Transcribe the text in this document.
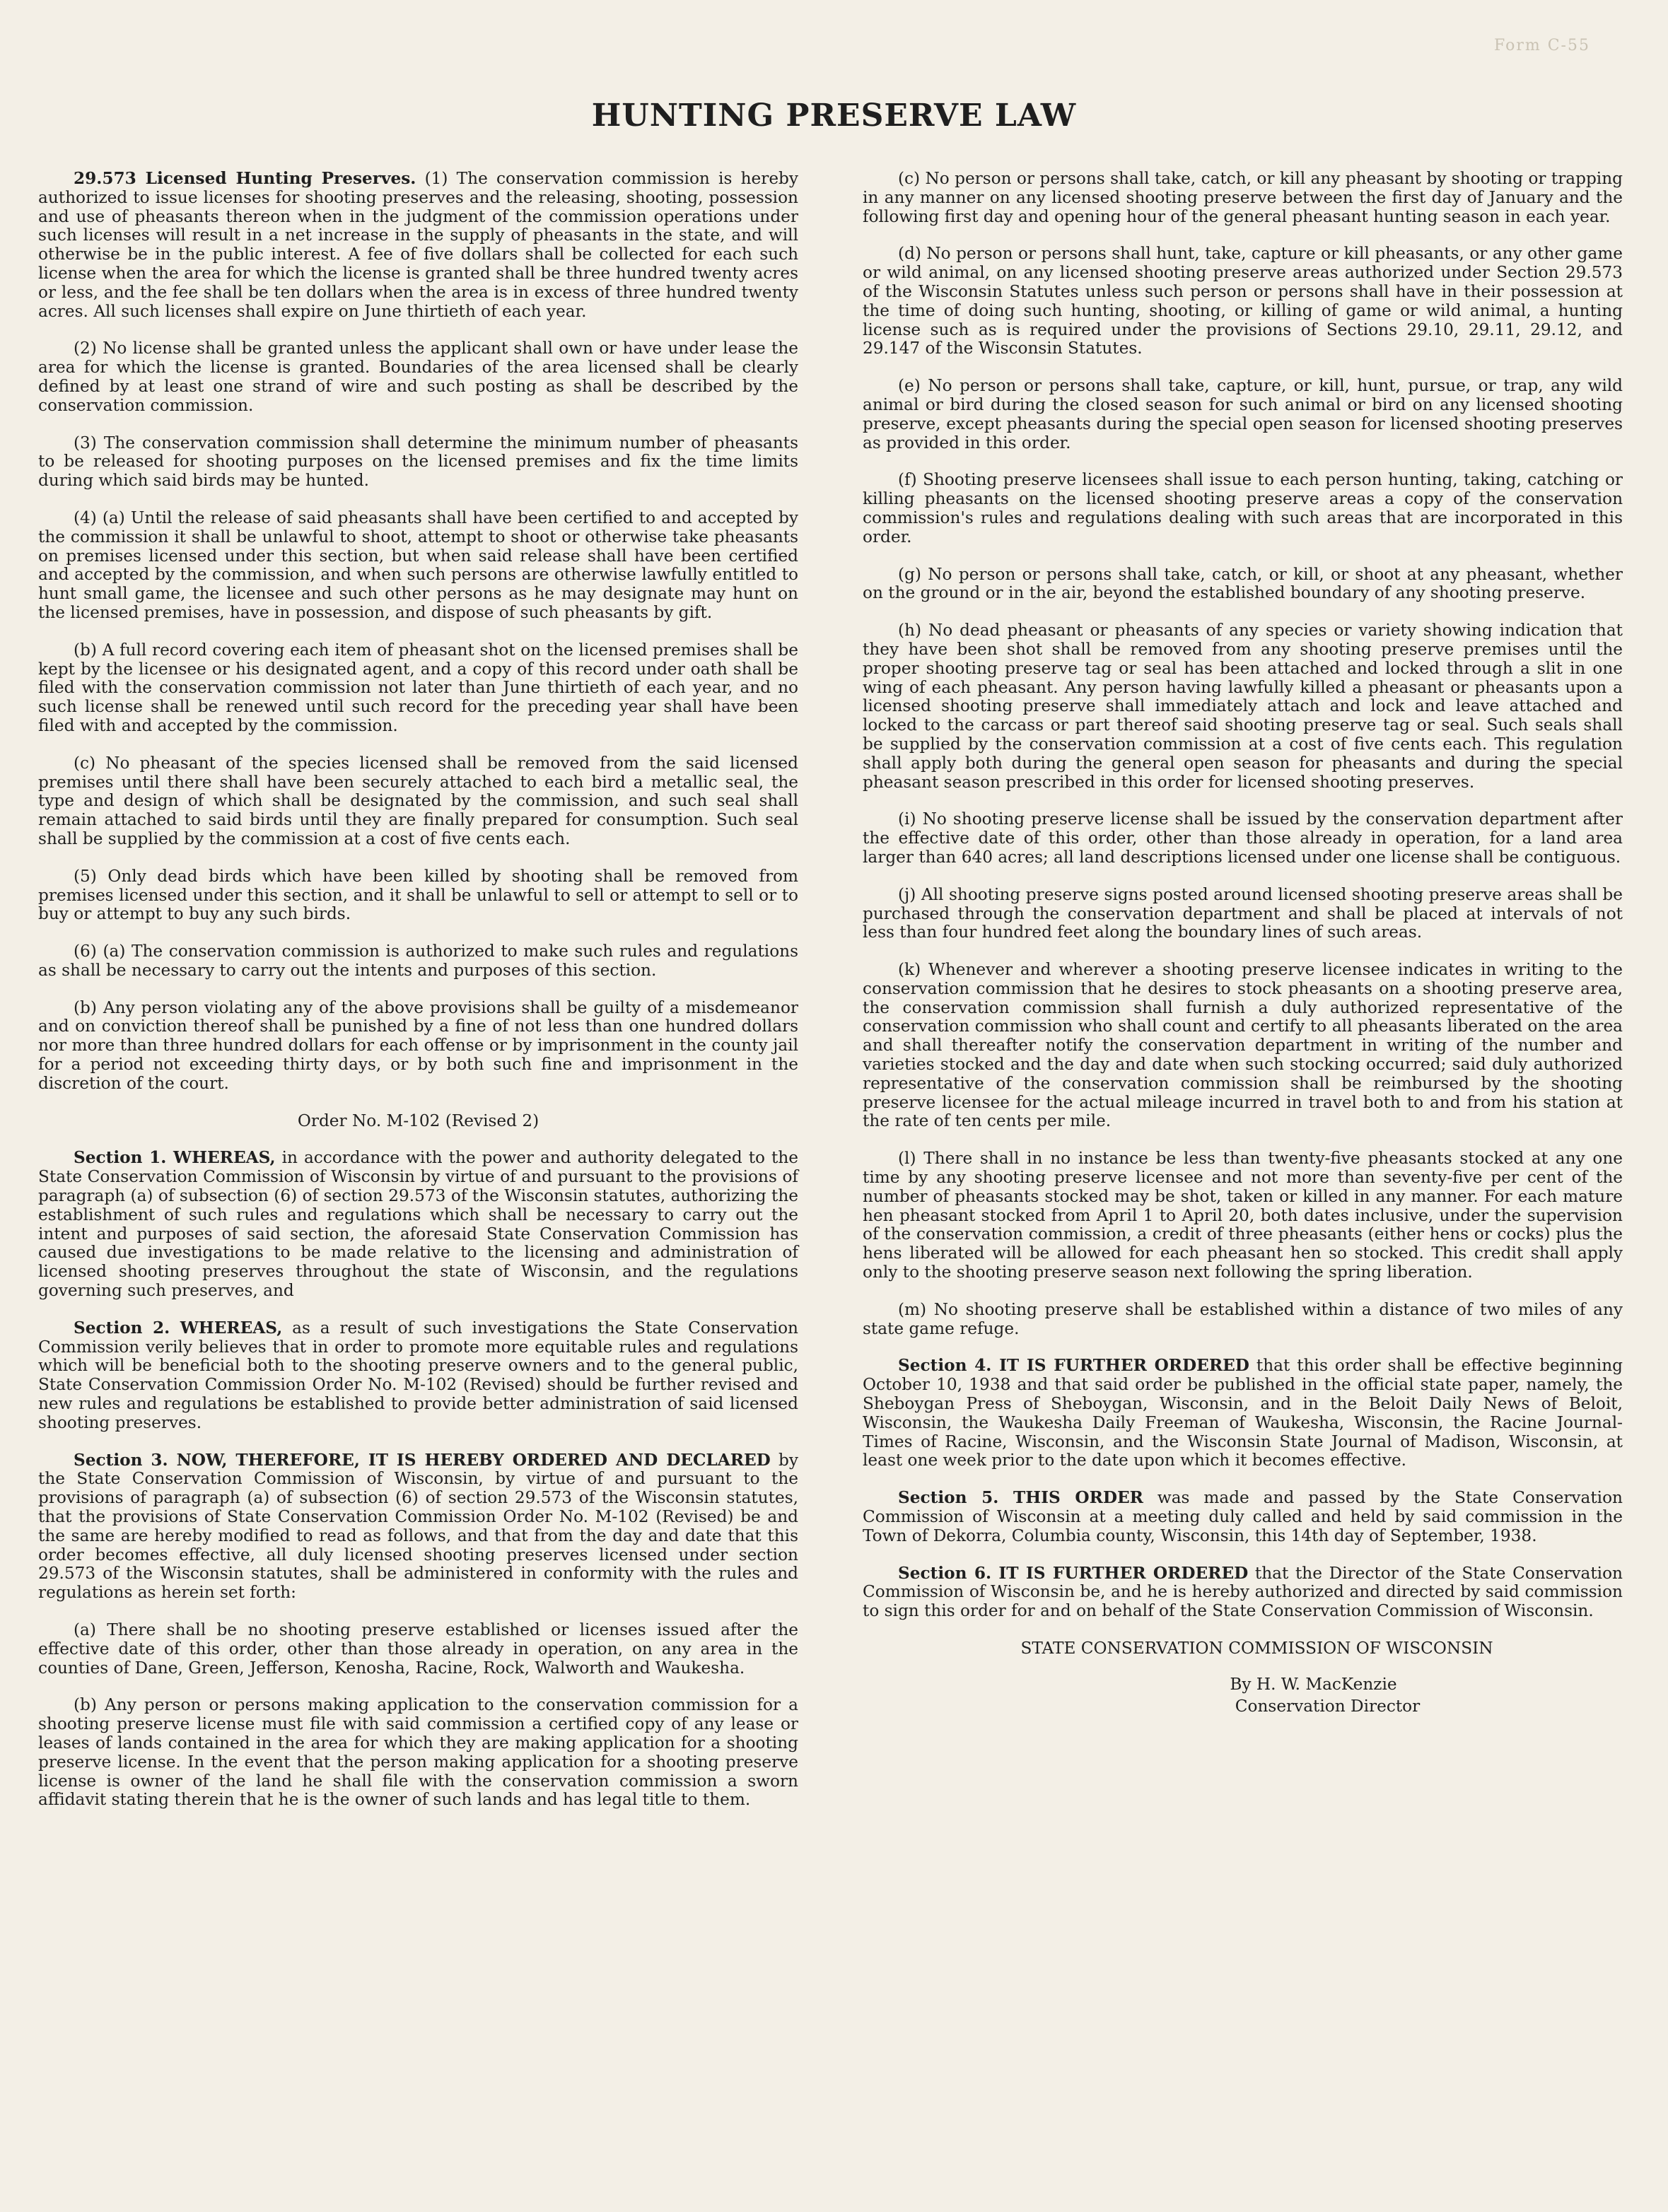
Form C-55
HUNTING PRESERVE LAW

29.573 Licensed Hunting Preserves. (1) The conservation commission is hereby authorized to issue licenses for shooting preserves and the releasing, shooting, possession and use of pheasants thereon when in the judgment of the commission operations under such licenses will result in a net increase in the supply of pheasants in the state, and will otherwise be in the public interest. A fee of five dollars shall be collected for each such license when the area for which the license is granted shall be three hundred twenty acres or less, and the fee shall be ten dollars when the area is in excess of three hundred twenty acres. All such licenses shall expire on June thirtieth of each year.

(2) No license shall be granted unless the applicant shall own or have under lease the area for which the license is granted. Boundaries of the area licensed shall be clearly defined by at least one strand of wire and such posting as shall be described by the conservation commission.

(3) The conservation commission shall determine the minimum number of pheasants to be released for shooting purposes on the licensed premises and fix the time limits during which said birds may be hunted.

(4) (a) Until the release of said pheasants shall have been certified to and accepted by the commission it shall be unlawful to shoot, attempt to shoot or otherwise take pheasants on premises licensed under this section, but when said release shall have been certified and accepted by the commission, and when such persons are otherwise lawfully entitled to hunt small game, the licensee and such other persons as he may designate may hunt on the licensed premises, have in possession, and dispose of such pheasants by gift.

(b) A full record covering each item of pheasant shot on the licensed premises shall be kept by the licensee or his designated agent, and a copy of this record under oath shall be filed with the conservation commission not later than June thirtieth of each year, and no such license shall be renewed until such record for the preceding year shall have been filed with and accepted by the commission.

(c) No pheasant of the species licensed shall be removed from the said licensed premises until there shall have been securely attached to each bird a metallic seal, the type and design of which shall be designated by the commission, and such seal shall remain attached to said birds until they are finally prepared for consumption. Such seal shall be supplied by the commission at a cost of five cents each.

(5) Only dead birds which have been killed by shooting shall be removed from premises licensed under this section, and it shall be unlawful to sell or attempt to sell or to buy or attempt to buy any such birds.

(6) (a) The conservation commission is authorized to make such rules and regulations as shall be necessary to carry out the intents and purposes of this section.

(b) Any person violating any of the above provisions shall be guilty of a misdemeanor and on conviction thereof shall be punished by a fine of not less than one hundred dollars nor more than three hundred dollars for each offense or by imprisonment in the county jail for a period not exceeding thirty days, or by both such fine and imprisonment in the discretion of the court.

Order No. M-102 (Revised 2)

Section 1. WHEREAS, in accordance with the power and authority delegated to the State Conservation Commission of Wisconsin by virtue of and pursuant to the provisions of paragraph (a) of subsection (6) of section 29.573 of the Wisconsin statutes, authorizing the establishment of such rules and regulations which shall be necessary to carry out the intent and purposes of said section, the aforesaid State Conservation Commission has caused due investigations to be made relative to the licensing and administration of licensed shooting preserves throughout the state of Wisconsin, and the regulations governing such preserves, and

Section 2. WHEREAS, as a result of such investigations the State Conservation Commission verily believes that in order to promote more equitable rules and regulations which will be beneficial both to the shooting preserve owners and to the general public, State Conservation Commission Order No. M-102 (Revised) should be further revised and new rules and regulations be established to provide better administration of said licensed shooting preserves.

Section 3. NOW, THEREFORE, IT IS HEREBY ORDERED AND DECLARED by the State Conservation Commission of Wisconsin, by virtue of and pursuant to the provisions of paragraph (a) of subsection (6) of section 29.573 of the Wisconsin statutes, that the provisions of State Conservation Commission Order No. M-102 (Revised) be and the same are hereby modified to read as follows, and that from the day and date that this order becomes effective, all duly licensed shooting preserves licensed under section 29.573 of the Wisconsin statutes, shall be administered in conformity with the rules and regulations as herein set forth:

(a) There shall be no shooting preserve established or licenses issued after the effective date of this order, other than those already in operation, on any area in the counties of Dane, Green, Jefferson, Kenosha, Racine, Rock, Walworth and Waukesha.

(b) Any person or persons making application to the conservation commission for a shooting preserve license must file with said commission a certified copy of any lease or leases of lands contained in the area for which they are making application for a shooting preserve license. In the event that the person making application for a shooting preserve license is owner of the land he shall file with the conservation commission a sworn affidavit stating therein that he is the owner of such lands and has legal title to them.

(c) No person or persons shall take, catch, or kill any pheasant by shooting or trapping in any manner on any licensed shooting preserve between the first day of January and the following first day and opening hour of the general pheasant hunting season in each year.

(d) No person or persons shall hunt, take, capture or kill pheasants, or any other game or wild animal, on any licensed shooting preserve areas authorized under Section 29.573 of the Wisconsin Statutes unless such person or persons shall have in their possession at the time of doing such hunting, shooting, or killing of game or wild animal, a hunting license such as is required under the provisions of Sections 29.10, 29.11, 29.12, and 29.147 of the Wisconsin Statutes.

(e) No person or persons shall take, capture, or kill, hunt, pursue, or trap, any wild animal or bird during the closed season for such animal or bird on any licensed shooting preserve, except pheasants during the special open season for licensed shooting preserves as provided in this order.

(f) Shooting preserve licensees shall issue to each person hunting, taking, catching or killing pheasants on the licensed shooting preserve areas a copy of the conservation commission's rules and regulations dealing with such areas that are incorporated in this order.

(g) No person or persons shall take, catch, or kill, or shoot at any pheasant, whether on the ground or in the air, beyond the established boundary of any shooting preserve.

(h) No dead pheasant or pheasants of any species or variety showing indication that they have been shot shall be removed from any shooting preserve premises until the proper shooting preserve tag or seal has been attached and locked through a slit in one wing of each pheasant. Any person having lawfully killed a pheasant or pheasants upon a licensed shooting preserve shall immediately attach and lock and leave attached and locked to the carcass or part thereof said shooting preserve tag or seal. Such seals shall be supplied by the conservation commission at a cost of five cents each. This regulation shall apply both during the general open season for pheasants and during the special pheasant season prescribed in this order for licensed shooting preserves.

(i) No shooting preserve license shall be issued by the conservation department after the effective date of this order, other than those already in operation, for a land area larger than 640 acres; all land descriptions licensed under one license shall be contiguous.

(j) All shooting preserve signs posted around licensed shooting preserve areas shall be purchased through the conservation department and shall be placed at intervals of not less than four hundred feet along the boundary lines of such areas.

(k) Whenever and wherever a shooting preserve licensee indicates in writing to the conservation commission that he desires to stock pheasants on a shooting preserve area, the conservation commission shall furnish a duly authorized representative of the conservation commission who shall count and certify to all pheasants liberated on the area and shall thereafter notify the conservation department in writing of the number and varieties stocked and the day and date when such stocking occurred; said duly authorized representative of the conservation commission shall be reimbursed by the shooting preserve licensee for the actual mileage incurred in travel both to and from his station at the rate of ten cents per mile.

(l) There shall in no instance be less than twenty-five pheasants stocked at any one time by any shooting preserve licensee and not more than seventy-five per cent of the number of pheasants stocked may be shot, taken or killed in any manner. For each mature hen pheasant stocked from April 1 to April 20, both dates inclusive, under the supervision of the conservation commission, a credit of three pheasants (either hens or cocks) plus the hens liberated will be allowed for each pheasant hen so stocked. This credit shall apply only to the shooting preserve season next following the spring liberation.

(m) No shooting preserve shall be established within a distance of two miles of any state game refuge.

Section 4. IT IS FURTHER ORDERED that this order shall be effective beginning October 10, 1938 and that said order be published in the official state paper, namely, the Sheboygan Press of Sheboygan, Wisconsin, and in the Beloit Daily News of Beloit, Wisconsin, the Waukesha Daily Freeman of Waukesha, Wisconsin, the Racine Journal-Times of Racine, Wisconsin, and the Wisconsin State Journal of Madison, Wisconsin, at least one week prior to the date upon which it becomes effective.

Section 5. THIS ORDER was made and passed by the State Conservation Commission of Wisconsin at a meeting duly called and held by said commission in the Town of Dekorra, Columbia county, Wisconsin, this 14th day of September, 1938.

Section 6. IT IS FURTHER ORDERED that the Director of the State Conservation Commission of Wisconsin be, and he is hereby authorized and directed by said commission to sign this order for and on behalf of the State Conservation Commission of Wisconsin.

STATE CONSERVATION COMMISSION OF WISCONSIN

By H. W. MacKenzie

Conservation Director
